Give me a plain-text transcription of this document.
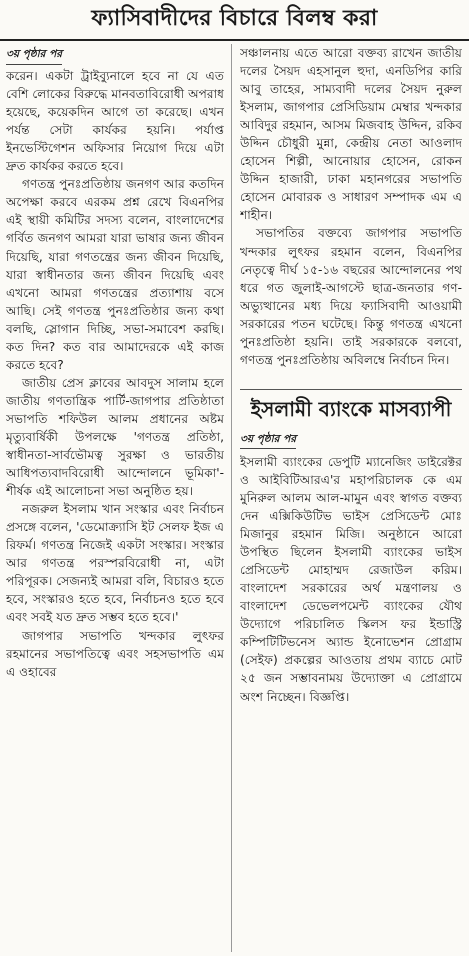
ফ্যাসিবাদীদের বিচারে বিলম্ব করা
৩য় পৃষ্ঠার পর

করেন। একটা ট্রাইব্যুনালে হবে না যে এত বেশি লোকের বিরুদ্ধে মানবতাবিরোধী অপরাধ হয়েছে, কয়েকদিন আগে তা করেছে। এখন পর্যন্ত সেটা কার্যকর হয়নি। পর্যাপ্ত ইনভেস্টিগেশন অফিসার নিয়োগ দিয়ে এটা দ্রুত কার্যকর করতে হবে।

গণতন্ত্র পুনঃপ্রতিষ্ঠায় জনগণ আর কতদিন অপেক্ষা করবে এরকম প্রশ্ন রেখে বিএনপির এই স্থায়ী কমিটির সদস্য বলেন, বাংলাদেশের গর্বিত জনগণ আমরা যারা ভাষার জন্য জীবন দিয়েছি, যারা গণতন্ত্রের জন্য জীবন দিয়েছি, যারা স্বাধীনতার জন্য জীবন দিয়েছি এবং এখনো আমরা গণতন্ত্রের প্রত্যাশায় বসে আছি। সেই গণতন্ত্র পুনঃপ্রতিষ্ঠার জন্য কথা বলছি, স্লোগান দিচ্ছি, সভা-সমাবেশ করছি। কত দিন? কত বার আমাদেরকে এই কাজ করতে হবে?

জাতীয় প্রেস ক্লাবের আবদুস সালাম হলে জাতীয় গণতান্ত্রিক পার্টি-জাগপার প্রতিষ্ঠাতা সভাপতি শফিউল আলম প্রধানের অষ্টম মৃত্যুবার্ষিকী উপলক্ষে 'গণতন্ত্র প্রতিষ্ঠা, স্বাধীনতা-সার্বভৌমত্ব সুরক্ষা ও ভারতীয় আধিপত্যবাদবিরোধী আন্দোলনে ভূমিকা'- শীর্ষক এই আলোচনা সভা অনুষ্ঠিত হয়।

নজরুল ইসলাম খান সংস্কার এবং নির্বাচন প্রসঙ্গে বলেন, 'ডেমোক্র্যাসি ইট সেলফ ইজ এ রিফর্ম। গণতন্ত্র নিজেই একটা সংস্কার। সংস্কার আর গণতন্ত্র পরস্পরবিরোধী না, এটা পরিপূরক। সেজন্যই আমরা বলি, বিচারও হতে হবে, সংস্কারও হতে হবে, নির্বাচনও হতে হবে এবং সবই যত দ্রুত সম্ভব হতে হবে।'

জাগপার সভাপতি খন্দকার লুৎফর রহমানের সভাপতিত্বে এবং সহসভাপতি এম এ ওহাবের

সঞ্চালনায় এতে আরো বক্তব্য রাখেন জাতীয় দলের সৈয়দ এহসানুল হুদা, এনডিপির কারি আবু তাহের, সাম্যবাদী দলের সৈয়দ নুরুল ইসলাম, জাগপার প্রেসিডিয়াম মেম্বার খন্দকার আবিদুর রহমান, আসম মিজবাহ উদ্দিন, রকিব উদ্দিন চৌধুরী মুন্না, কেন্দ্রীয় নেতা আওলাদ হোসেন শিল্পী, আনোয়ার হোসেন, রোকন উদ্দিন হাজারী, ঢাকা মহানগরের সভাপতি হোসেন মোবারক ও সাধারণ সম্পাদক এম এ শাহীন।

সভাপতির বক্তব্যে জাগপার সভাপতি খন্দকার লুৎফর রহমান বলেন, বিএনপির নেতৃত্বে দীর্ঘ ১৫-১৬ বছরের আন্দোলনের পথ ধরে গত জুলাই-আগস্টে ছাত্র-জনতার গণ-অভ্যুত্থানের মধ্য দিয়ে ফ্যাসিবাদী আওয়ামী সরকারের পতন ঘটেছে। কিন্তু গণতন্ত্র এখনো পুনঃপ্রতিষ্ঠা হয়নি। তাই সরকারকে বলবো, গণতন্ত্র পুনঃপ্রতিষ্ঠায় অবিলম্বে নির্বাচন দিন।

ইসলামী ব্যাংকে মাসব্যাপী
৩য় পৃষ্ঠার পর

ইসলামী ব্যাংকের ডেপুটি ম্যানেজিং ডাইরেক্টর ও আইবিটিআরএ'র মহাপরিচালক কে এম মুনিরুল আলম আল-মামুন এবং স্বাগত বক্তব্য দেন এক্সিকিউটিভ ভাইস প্রেসিডেন্ট মোঃ মিজানুর রহমান মিজি। অনুষ্ঠানে আরো উপস্থিত ছিলেন ইসলামী ব্যাংকের ভাইস প্রেসিডেন্ট মোহাম্মদ রেজাউল করিম। বাংলাদেশ সরকারের অর্থ মন্ত্রণালয় ও বাংলাদেশ ডেভেলপমেন্ট ব্যাংকের যৌথ উদ্যোগে পরিচালিত স্কিলস ফর ইন্ডাস্ট্রি কম্পিটিটিভনেস অ্যান্ড ইনোভেশন প্রোগ্রাম (সেইফ) প্রকল্পের আওতায় প্রথম ব্যাচে মোট ২৫ জন সম্ভাবনাময় উদ্যোক্তা এ প্রোগ্রামে অংশ নিচ্ছেন। বিজ্ঞপ্তি।
